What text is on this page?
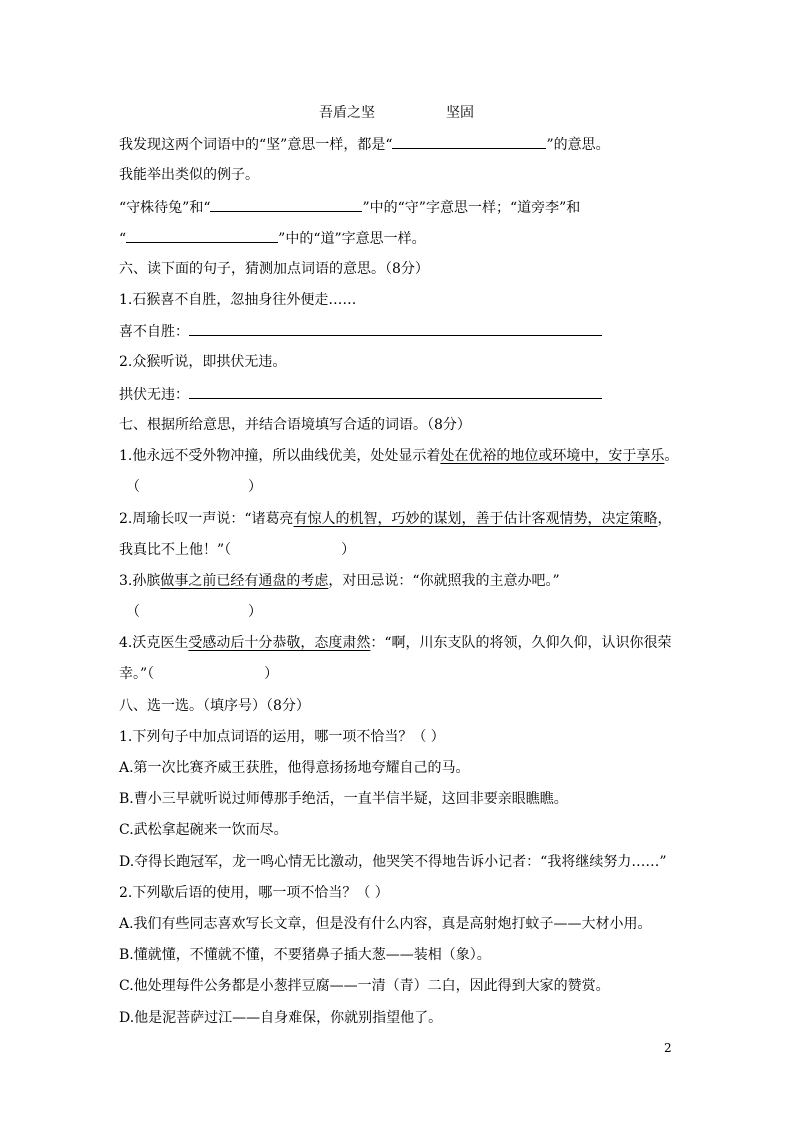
吾盾之坚	坚固
我发现这两个词语中的“坚”意思一样，都是“	”的意思。
我能举出类似的例子。
“守株待兔”和“	”中的“守”字意思一样；“道旁李”和
“	”中的“道”字意思一样。
六、读下面的句子，猜测加点词语的意思。（8分）
1.石猴喜不自胜，忽抽身往外便走……
喜不自胜：
2.众猴听说，即拱伏无违。
拱伏无违：
七、根据所给意思，并结合语境填写合适的词语。（8分）
1.他永远不受外物冲撞，所以曲线优美，处处显示着处在优裕的地位或环境中，安于享乐。
（	）
2.周瑜长叹一声说：“诸葛亮有惊人的机智，巧妙的谋划，善于估计客观情势，决定策略，
我真比不上他！”（	）
3.孙膑做事之前已经有通盘的考虑，对田忌说：“你就照我的主意办吧。”
（	）
4.沃克医生受感动后十分恭敬，态度肃然：“啊，川东支队的将领，久仰久仰，认识你很荣
幸。”（	）
八、选一选。（填序号）（8分）
1.下列句子中加点词语的运用，哪一项不恰当？（ ）
A.第一次比赛齐威王获胜，他得意扬扬地夸耀自己的马。
B.曹小三早就听说过师傅那手绝活，一直半信半疑，这回非要亲眼瞧瞧。
C.武松拿起碗来一饮而尽。
D.夺得长跑冠军，龙一鸣心情无比激动，他哭笑不得地告诉小记者：“我将继续努力……”
2.下列歇后语的使用，哪一项不恰当？（ ）
A.我们有些同志喜欢写长文章，但是没有什么内容，真是高射炮打蚊子——大材小用。
B.懂就懂，不懂就不懂，不要猪鼻子插大葱——装相（象）。
C.他处理每件公务都是小葱拌豆腐——一清（青）二白，因此得到大家的赞赏。
D.他是泥菩萨过江——自身难保，你就别指望他了。
2
